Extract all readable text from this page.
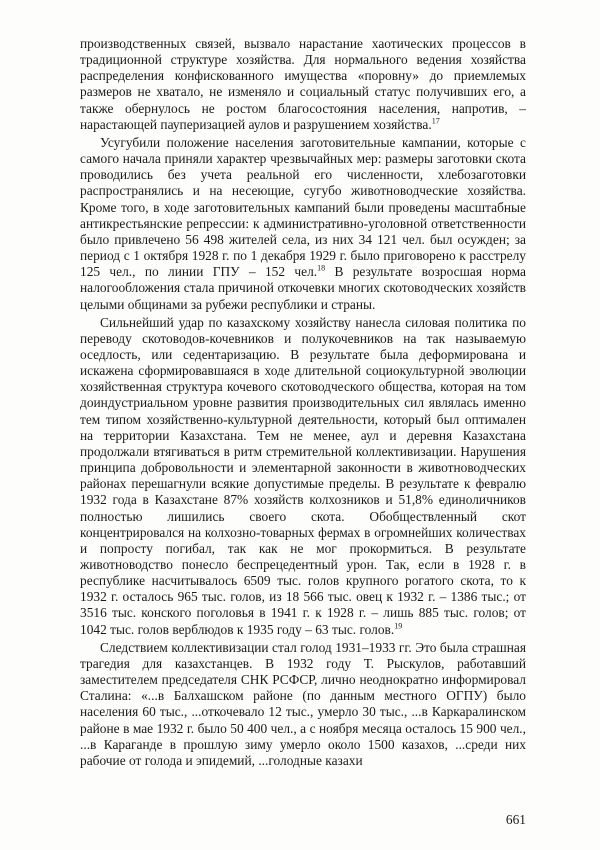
производственных связей, вызвало нарастание хаотических процессов в традиционной структуре хозяйства. Для нормального ведения хозяйства распределения конфискованного имущества «поровну» до приемлемых размеров не хватало, не изменяло и социальный статус получивших его, а также обернулось не ростом благосостояния населения, напротив, – нарастающей пауперизацией аулов и разрушением хозяйства.$^{17}$

Усугубили положение населения заготовительные кампании, которые с самого начала приняли характер чрезвычайных мер: размеры заготовки скота проводились без учета реальной его численности, хлебозаготовки распространялись и на несеющие, сугубо животноводческие хозяйства. Кроме того, в ходе заготовительных кампаний были проведены масштабные антикрестьянские репрессии: к административно-уголовной ответственности было привлечено 56 498 жителей села, из них 34 121 чел. был осужден; за период с 1 октября 1928 г. по 1 декабря 1929 г. было приговорено к расстрелу 125 чел., по линии ГПУ – 152 чел.$^{18}$ В результате возросшая норма налогообложения стала причиной откочевки многих скотоводческих хозяйств целыми общинами за рубежи республики и страны.

Сильнейший удар по казахскому хозяйству нанесла силовая политика по переводу скотоводов-кочевников и полукочевников на так называемую оседлость, или седентаризацию. В результате была деформирована и искажена сформировавшаяся в ходе длительной социокультурной эволюции хозяйственная структура кочевого скотоводческого общества, которая на том доиндустриальном уровне развития производительных сил являлась именно тем типом хозяйственно-культурной деятельности, который был оптимален на территории Казахстана. Тем не менее, аул и деревня Казахстана продолжали втягиваться в ритм стремительной коллективизации. Нарушения принципа добровольности и элементарной законности в животноводческих районах перешагнули всякие допустимые пределы. В результате к февралю 1932 года в Казахстане 87% хозяйств колхозников и 51,8% единоличников полностью лишились своего скота. Обобществленный скот концентрировался на колхозно-товарных фермах в огромнейших количествах и попросту погибал, так как не мог прокормиться. В результате животноводство понесло беспрецедентный урон. Так, если в 1928 г. в республике насчитывалось 6509 тыс. голов крупного рогатого скота, то к 1932 г. осталось 965 тыс. голов, из 18 566 тыс. овец к 1932 г. – 1386 тыс.; от 3516 тыс. конского поголовья в 1941 г. к 1928 г. – лишь 885 тыс. голов; от 1042 тыс. голов верблюдов к 1935 году – 63 тыс. голов.$^{19}$

Следствием коллективизации стал голод 1931–1933 гг. Это была страшная трагедия для казахстанцев. В 1932 году Т. Рыскулов, работавший заместителем председателя СНК РСФСР, лично неоднократно информировал Сталина: «...в Балхашском районе (по данным местного ОГПУ) было населения 60 тыс., ...откочевало 12 тыс., умерло 30 тыс., ...в Каркаралинском районе в мае 1932 г. было 50 400 чел., а с ноября месяца осталось 15 900 чел., ...в Караганде в прошлую зиму умерло около 1500 казахов, ...среди них рабочие от голода и эпидемий, ...голодные казахи

661
